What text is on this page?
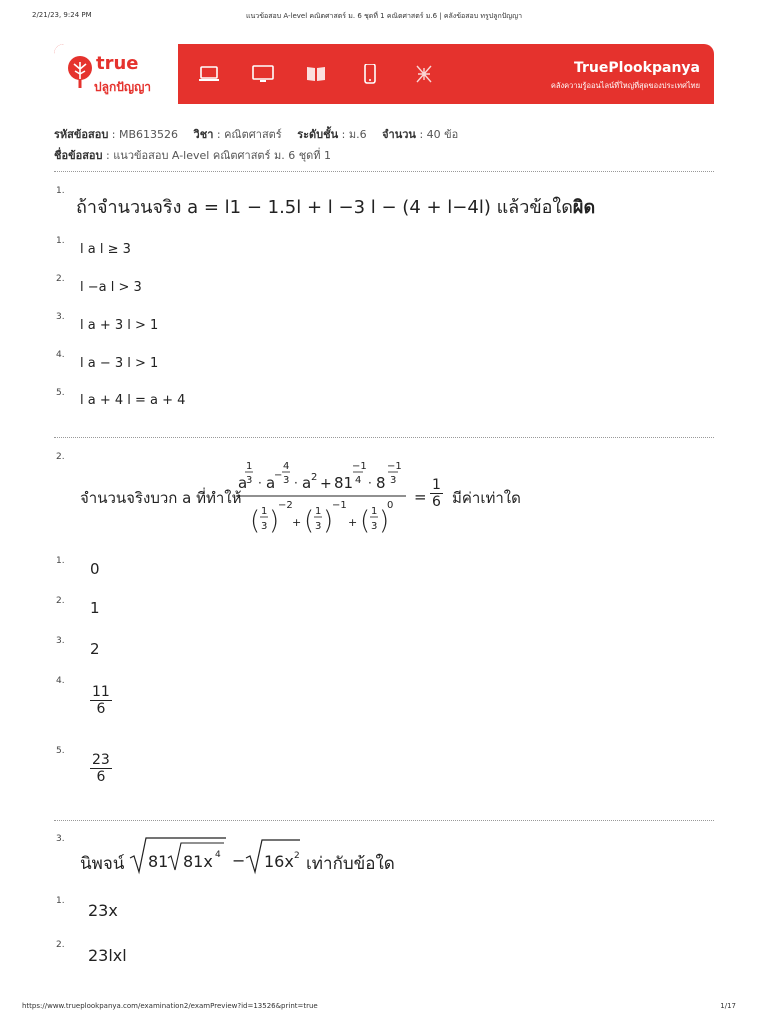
2/21/23, 9:24 PM	แนวข้อสอบ A-level คณิตศาสตร์ ม. 6 ชุดที่ 1 คณิตศาสตร์ ม.6 | คลังข้อสอบ ทรูปลูกปัญญา
true
ปลูกปัญญา
TruePlookpanya
คลังความรู้ออนไลน์ที่ใหญ่ที่สุดของประเทศไทย
รหัสข้อสอบ : MB613526 วิชา : คณิตศาสตร์ ระดับชั้น : ม.6 จำนวน : 40 ข้อ
ชื่อข้อสอบ : แนวข้อสอบ A-level คณิตศาสตร์ ม. 6 ชุดที่ 1
1.
ถ้าจำนวนจริง a = l1 − 1.5l + l −3 l − (4 + l−4l) แล้วข้อใดผิด
1.
l a l ≥ 3
2.
l −a l > 3
3.
l a + 3 l > 1
4.
l a − 3 l > 1
5. l a + 4 l = a + 4
2.
จำนวนจริงบวก a ที่ทำให้
a
1
3 · a
−
4
3 · a 2 + 81
−1
4 · 8
−1
3
( 1
3 )
−2
+ ( 1
3 )
−1
+ ( 1
3 )
$0 = \frac{1}{6}$ มีค่าเท่าใด
1. 0
2. 1
3. 2
4.
$\frac{11}{6}$
5.
$\frac{23}{6}$
3.
นิพจน์ 81 81x 4 − 16x 2 เท่ากับข้อใด
1. 23x
2.
23lxl
https://www.trueplookpanya.com/examination2/examPreview?id=13526&print=true	1/17
